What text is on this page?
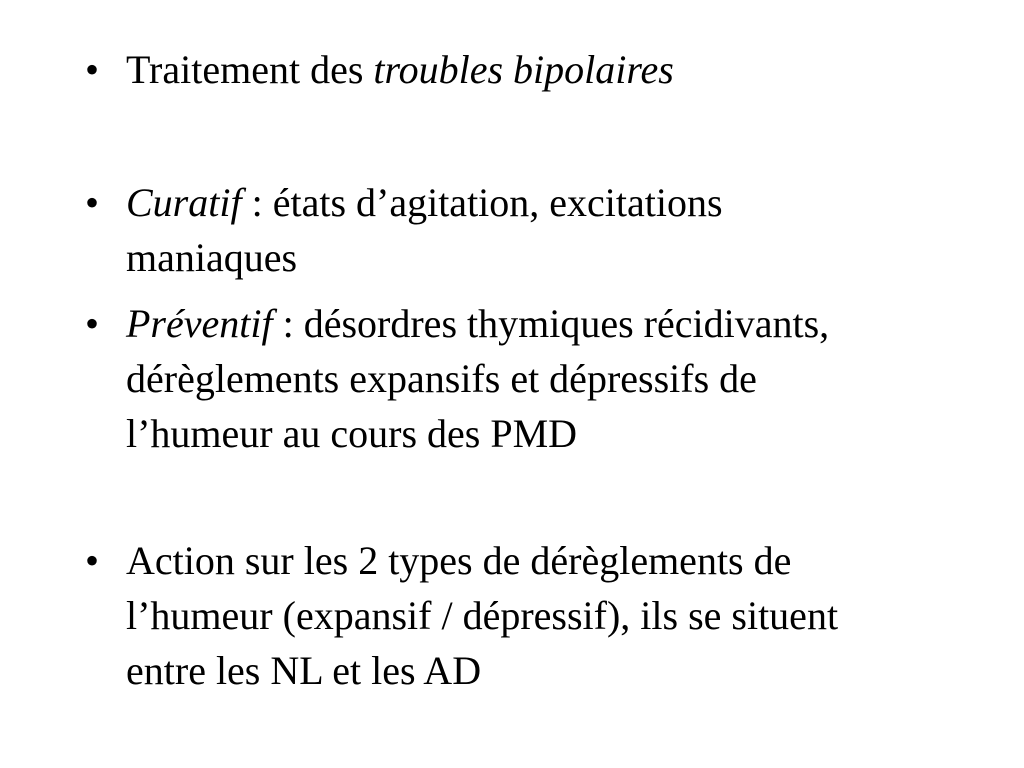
• Traitement des troubles bipolaires
• Curatif : états d’agitation, excitations
maniaques
• Préventif : désordres thymiques récidivants,
dérèglements expansifs et dépressifs de
l’humeur au cours des PMD
• Action sur les 2 types de dérèglements de
l’humeur (expansif / dépressif), ils se situent
entre les NL et les AD
